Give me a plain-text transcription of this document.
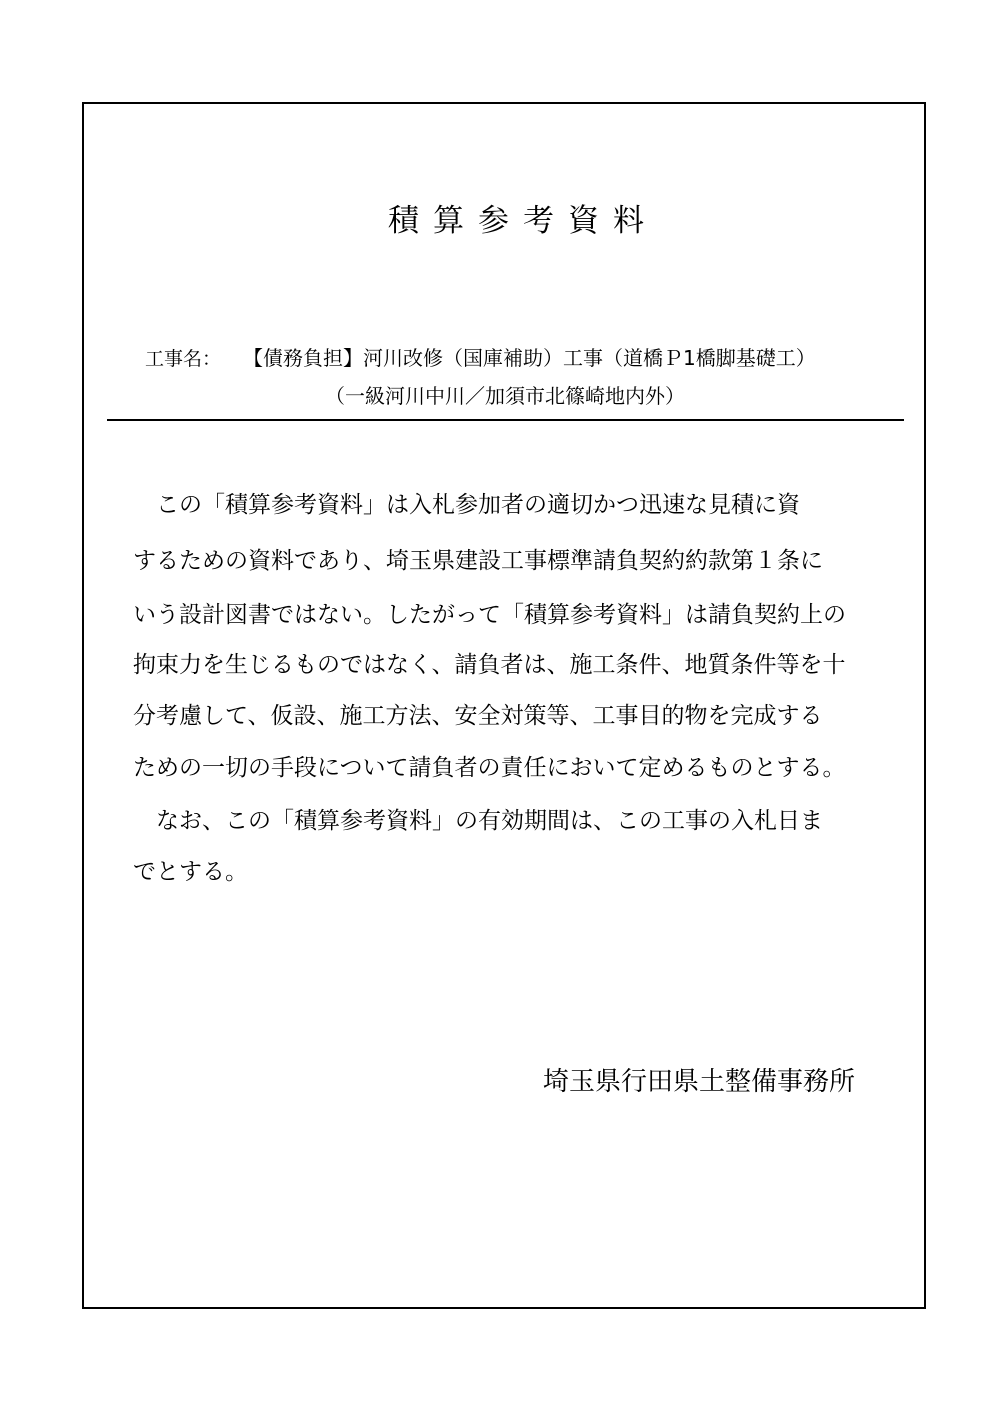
積算参考資料
工事名： 【債務負担】河川改修（国庫補助）工事（道橋Ｐ1橋脚基礎工）
（一級河川中川／加須市北篠崎地内外）
　この「積算参考資料」は入札参加者の適切かつ迅速な見積に資
するための資料であり、埼玉県建設工事標準請負契約約款第１条に
いう設計図書ではない。したがって「積算参考資料」は請負契約上の
拘束力を生じるものではなく、請負者は、施工条件、地質条件等を十
分考慮して、仮設、施工方法、安全対策等、工事目的物を完成する
ための一切の手段について請負者の責任において定めるものとする。
　なお、この「積算参考資料」の有効期間は、この工事の入札日ま
でとする。
埼玉県行田県土整備事務所
